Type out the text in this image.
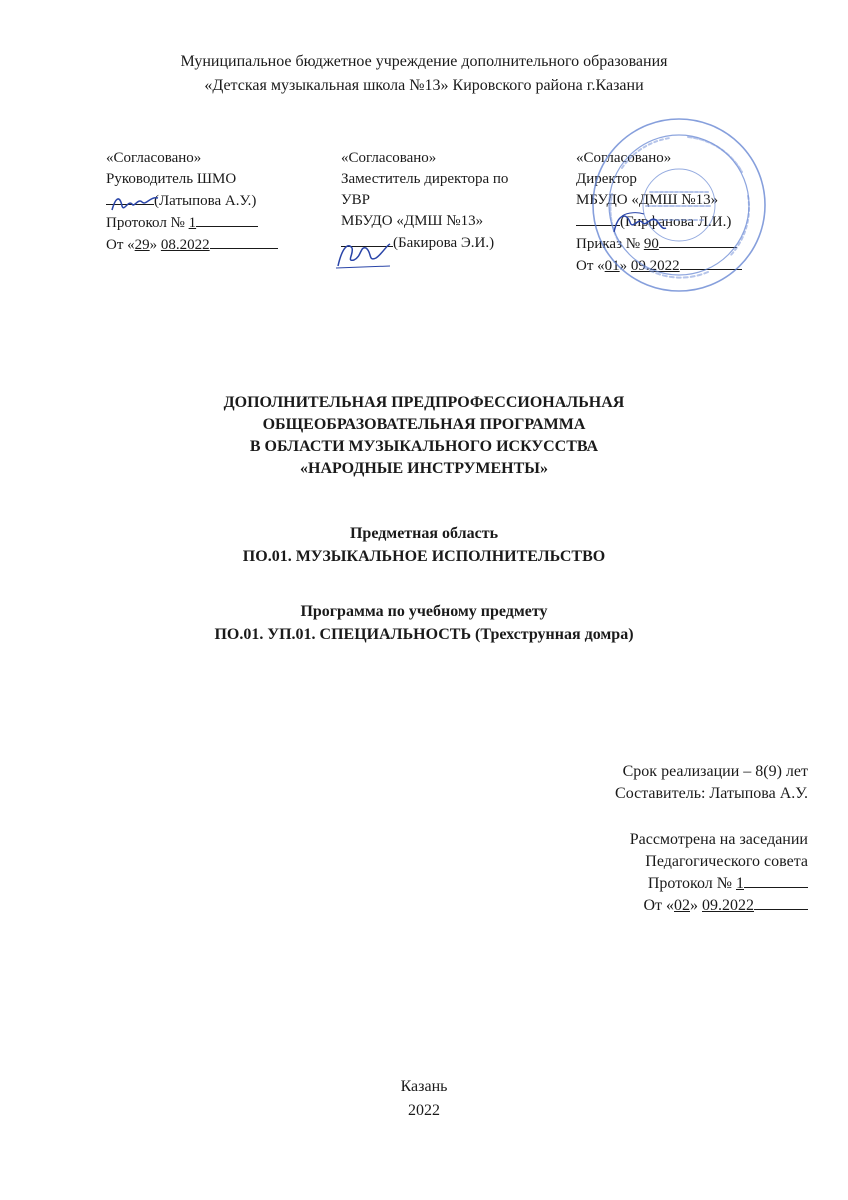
Муниципальное бюджетное учреждение дополнительного образования
«Детская музыкальная школа №13» Кировского района г.Казани
«Согласовано»
Руководитель ШМО
(Латыпова А.У.)
Протокол № 1
От «29» 08.2022
«Согласовано»
Заместитель директора по
УВР
МБУДО «ДМШ №13»
(Бакирова Э.И.)
«Согласовано»
Директор
МБУДО «ДМШ №13»
(Гирфанова Л.И.)
Приказ № 90
От «01» 09.2022
ДОПОЛНИТЕЛЬНАЯ ПРЕДПРОФЕССИОНАЛЬНАЯ
ОБЩЕОБРАЗОВАТЕЛЬНАЯ ПРОГРАММА
В ОБЛАСТИ МУЗЫКАЛЬНОГО ИСКУССТВА
«НАРОДНЫЕ ИНСТРУМЕНТЫ»
Предметная область
ПО.01. МУЗЫКАЛЬНОЕ ИСПОЛНИТЕЛЬСТВО
Программа по учебному предмету
ПО.01. УП.01. СПЕЦИАЛЬНОСТЬ (Трехструнная домра)
Срок реализации – 8(9) лет
Составитель: Латыпова А.У.
Рассмотрена на заседании
Педагогического совета
Протокол № 1
От «02» 09.2022
Казань
2022
